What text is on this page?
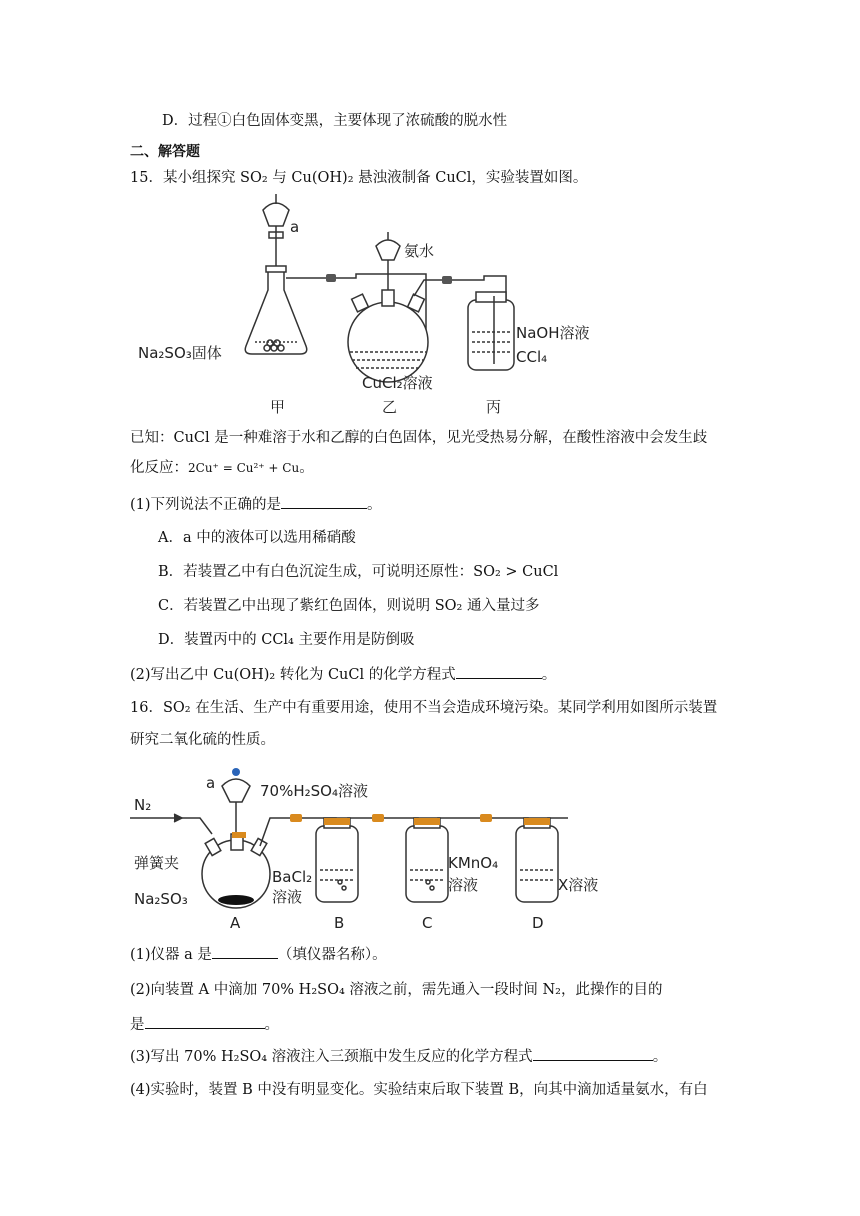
D．过程①白色固体变黑，主要体现了浓硫酸的脱水性
二、解答题
15．某小组探究 SO₂ 与 Cu(OH)₂ 悬浊液制备 CuCl，实验装置如图。
a
氨水
Na₂SO₃固体
CuCl₂溶液
NaOH溶液
CCl₄
甲	乙	丙
已知：CuCl 是一种难溶于水和乙醇的白色固体，见光受热易分解，在酸性溶液中会发生歧
化反应：2Cu⁺ = Cu²⁺ + Cu。
(1)下列说法不正确的是	。
A．a 中的液体可以选用稀硝酸
B．若装置乙中有白色沉淀生成，可说明还原性：SO₂ > CuCl
C．若装置乙中出现了紫红色固体，则说明 SO₂ 通入量过多
D．装置丙中的 CCl₄ 主要作用是防倒吸
(2)写出乙中 Cu(OH)₂ 转化为 CuCl 的化学方程式	。
16．SO₂ 在生活、生产中有重要用途，使用不当会造成环境污染。某同学利用如图所示装置
研究二氧化硫的性质。
a	70%H₂SO₄溶液
N₂
弹簧夹
Na₂SO₃
BaCl₂
溶液
KMnO₄
溶液	X溶液
A	B	C	D
(1)仪器 a 是	（填仪器名称）。
(2)向装置 A 中滴加 70% H₂SO₄ 溶液之前，需先通入一段时间 N₂，此操作的目的
是	。
(3)写出 70% H₂SO₄ 溶液注入三颈瓶中发生反应的化学方程式	。
(4)实验时，装置 B 中没有明显变化。实验结束后取下装置 B，向其中滴加适量氨水，有白
